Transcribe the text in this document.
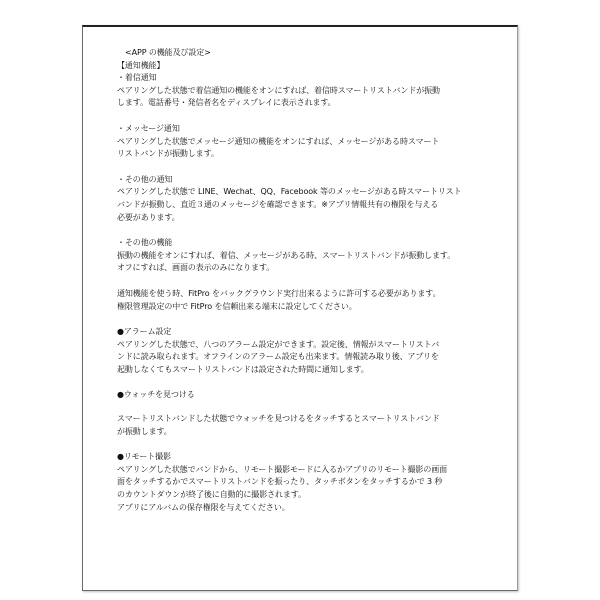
<APP の機能及び設定>

【通知機能】

・着信通知

ペアリングした状態で着信通知の機能をオンにすれば、着信時スマートリストバンドが振動

します。電話番号・発信者名をディスプレイに表示されます。

・メッセージ通知

ペアリングした状態でメッセージ通知の機能をオンにすれば、メッセージがある時スマート

リストバンドが振動します。

・その他の通知

ペアリングした状態で LINE、Wechat、QQ、Facebook 等のメッセージがある時スマートリスト

バンドが振動し、直近３通のメッセージを確認できます。※アプリ情報共有の権限を与える

必要があります。

・その他の機能

振動の機能をオンにすれば、着信、メッセージがある時、スマートリストバンドが振動します。

オフにすれば、画面の表示のみになります。

通知機能を使う時、FitPro をバックグラウンド実行出来るように許可する必要があります。

権限管理設定の中で FitPro を信頼出来る端末に設定してください。

●アラーム設定

ペアリングした状態で、八つのアラーム設定ができます。設定後、情報がスマートリストバ

ンドに読み取られます。オフラインのアラーム設定も出来ます。情報読み取り後、アプリを

起動しなくてもスマートリストバンドは設定された時間に通知します。

●ウォッチを見つける

スマートリストバンドした状態でウォッチを見つけるをタッチするとスマートリストバンド

が振動します。

●リモート撮影

ペアリングした状態でバンドから、リモート撮影モードに入るかアプリのリモート撮影の画面

面をタッチするかでスマートリストバンドを振ったり、タッチボタンをタッチするかで 3 秒

のカウントダウンが終了後に自動的に撮影されます。

アプリにアルバムの保存権限を与えてください。
